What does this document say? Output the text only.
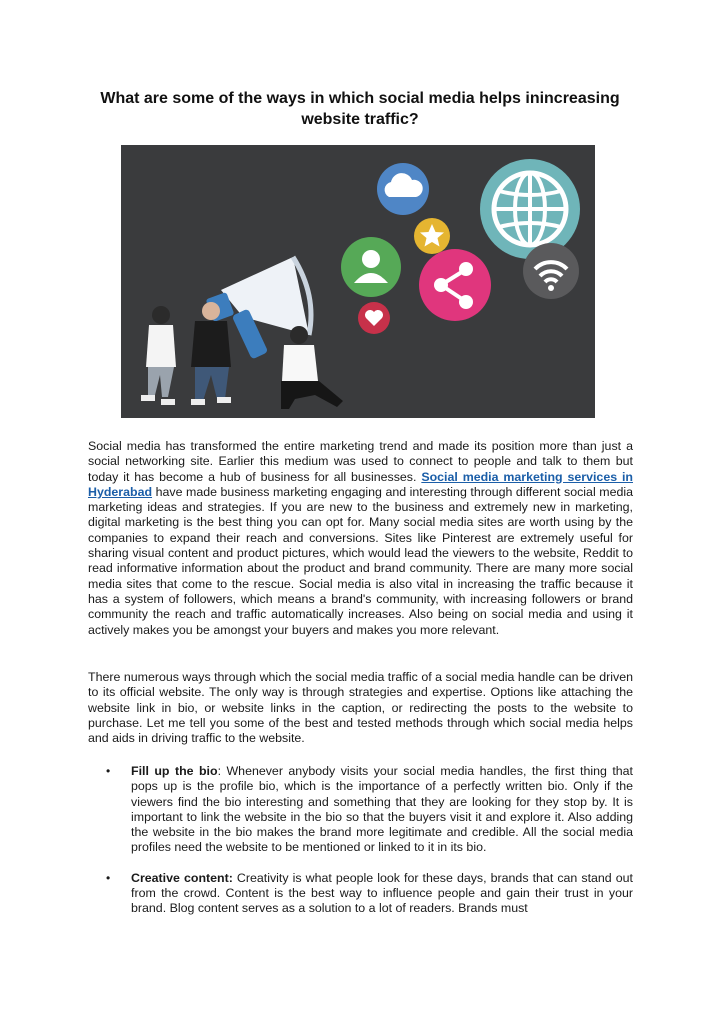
What are some of the ways in which social media helps inincreasing website traffic?
Social media has transformed the entire marketing trend and made its position more than just a social networking site. Earlier this medium was used to connect to people and talk to them but today it has become a hub of business for all businesses. Social media marketing services in Hyderabad have made business marketing engaging and interesting through different social media marketing ideas and strategies. If you are new to the business and extremely new in marketing, digital marketing is the best thing you can opt for. Many social media sites are worth using by the companies to expand their reach and conversions. Sites like Pinterest are extremely useful for sharing visual content and product pictures, which would lead the viewers to the website, Reddit to read informative information about the product and brand community. There are many more social media sites that come to the rescue. Social media is also vital in increasing the traffic because it has a system of followers, which means a brand's community, with increasing followers or brand community the reach and traffic automatically increases. Also being on social media and using it actively makes you be amongst your buyers and makes you more relevant.
There numerous ways through which the social media traffic of a social media handle can be driven to its official website. The only way is through strategies and expertise. Options like attaching the website link in bio, or website links in the caption, or redirecting the posts to the website to purchase. Let me tell you some of the best and tested methods through which social media helps and aids in driving traffic to the website.
• Fill up the bio: Whenever anybody visits your social media handles, the first thing that pops up is the profile bio, which is the importance of a perfectly written bio. Only if the viewers find the bio interesting and something that they are looking for they stop by. It is important to link the website in the bio so that the buyers visit it and explore it. Also adding the website in the bio makes the brand more legitimate and credible. All the social media profiles need the website to be mentioned or linked to it in its bio.
• Creative content: Creativity is what people look for these days, brands that can stand out from the crowd. Content is the best way to influence people and gain their trust in your brand. Blog content serves as a solution to a lot of readers. Brands must
